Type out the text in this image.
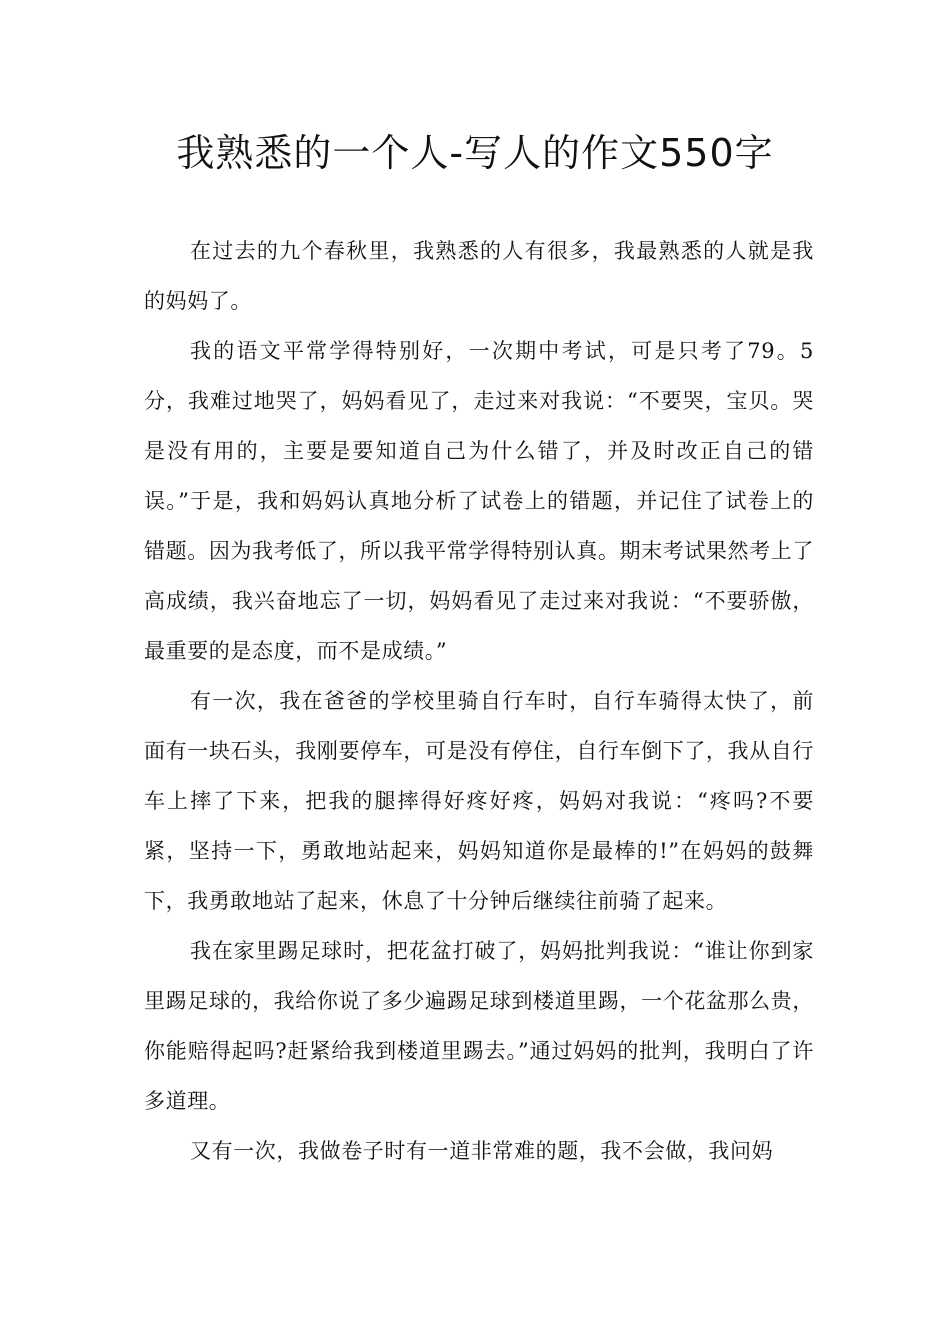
我熟悉的一个人-写人的作文550字

在过去的九个春秋里，我熟悉的人有很多，我最熟悉的人就是我的妈妈了。

我的语文平常学得特别好，一次期中考试，可是只考了79。5分，我难过地哭了，妈妈看见了，走过来对我说：“不要哭，宝贝。哭是没有用的，主要是要知道自己为什么错了，并及时改正自己的错误。”于是，我和妈妈认真地分析了试卷上的错题，并记住了试卷上的错题。因为我考低了，所以我平常学得特别认真。期末考试果然考上了高成绩，我兴奋地忘了一切，妈妈看见了走过来对我说：“不要骄傲，最重要的是态度，而不是成绩。”

有一次，我在爸爸的学校里骑自行车时，自行车骑得太快了，前面有一块石头，我刚要停车，可是没有停住，自行车倒下了，我从自行车上摔了下来，把我的腿摔得好疼好疼，妈妈对我说：“疼吗?不要紧，坚持一下，勇敢地站起来，妈妈知道你是最棒的!”在妈妈的鼓舞下，我勇敢地站了起来，休息了十分钟后继续往前骑了起来。

我在家里踢足球时，把花盆打破了，妈妈批判我说：“谁让你到家里踢足球的，我给你说了多少遍踢足球到楼道里踢，一个花盆那么贵，你能赔得起吗?赶紧给我到楼道里踢去。”通过妈妈的批判，我明白了许多道理。

又有一次，我做卷子时有一道非常难的题，我不会做，我问妈
